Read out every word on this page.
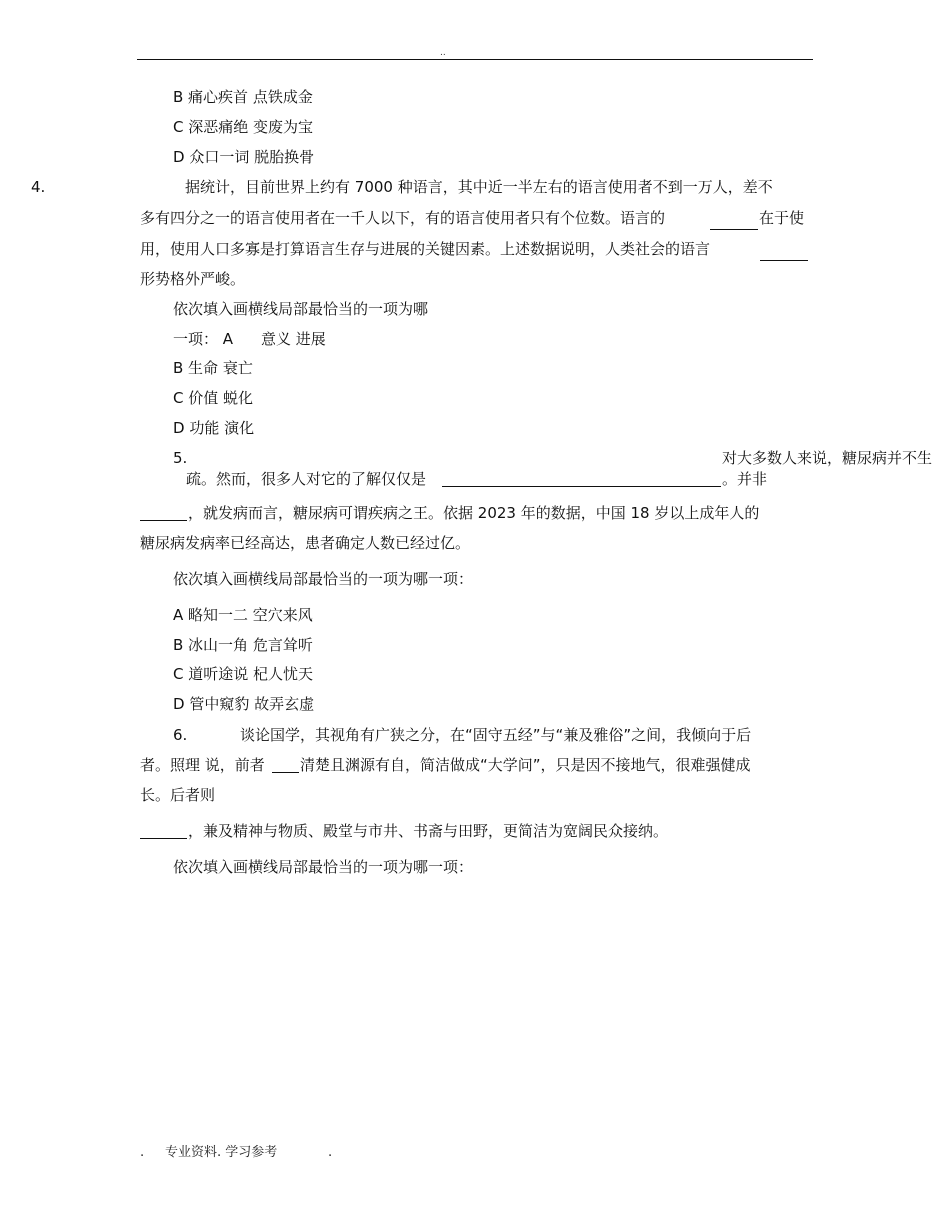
..
B 痛心疾首 点铁成金
C 深恶痛绝 变废为宝
D 众口一词 脱胎换骨
4.	据统计，目前世界上约有 7000 种语言，其中近一半左右的语言使用者不到一万人，差不
多有四分之一的语言使用者在一千人以下，有的语言使用者只有个位数。语言的	在于使
用，使用人口多寡是打算语言生存与进展的关键因素。上述数据说明，人类社会的语言
形势格外严峻。
依次填入画横线局部最恰当的一项为哪
一项： A 意义 进展
B 生命 衰亡
C 价值 蜕化
D 功能 演化
5.	对大多数人来说，糖尿病并不生
疏。然而，很多人对它的了解仅仅是	。并非
，就发病而言，糖尿病可谓疾病之王。依据 2023 年的数据，中国 18 岁以上成年人的
糖尿病发病率已经高达，患者确定人数已经过亿。
依次填入画横线局部最恰当的一项为哪一项：
A 略知一二 空穴来风
B 冰山一角 危言耸听
C 道听途说 杞人忧天
D 管中窥豹 故弄玄虚
6.	谈论国学，其视角有广狭之分，在“固守五经”与“兼及雅俗”之间，我倾向于后
者。照理 说，前者 清楚且渊源有自，简洁做成“大学问”，只是因不接地气，很难强健成
长。后者则
，兼及精神与物质、殿堂与市井、书斋与田野，更简洁为宽阔民众接纳。
依次填入画横线局部最恰当的一项为哪一项：
. 专业资料. 学习参考	.
